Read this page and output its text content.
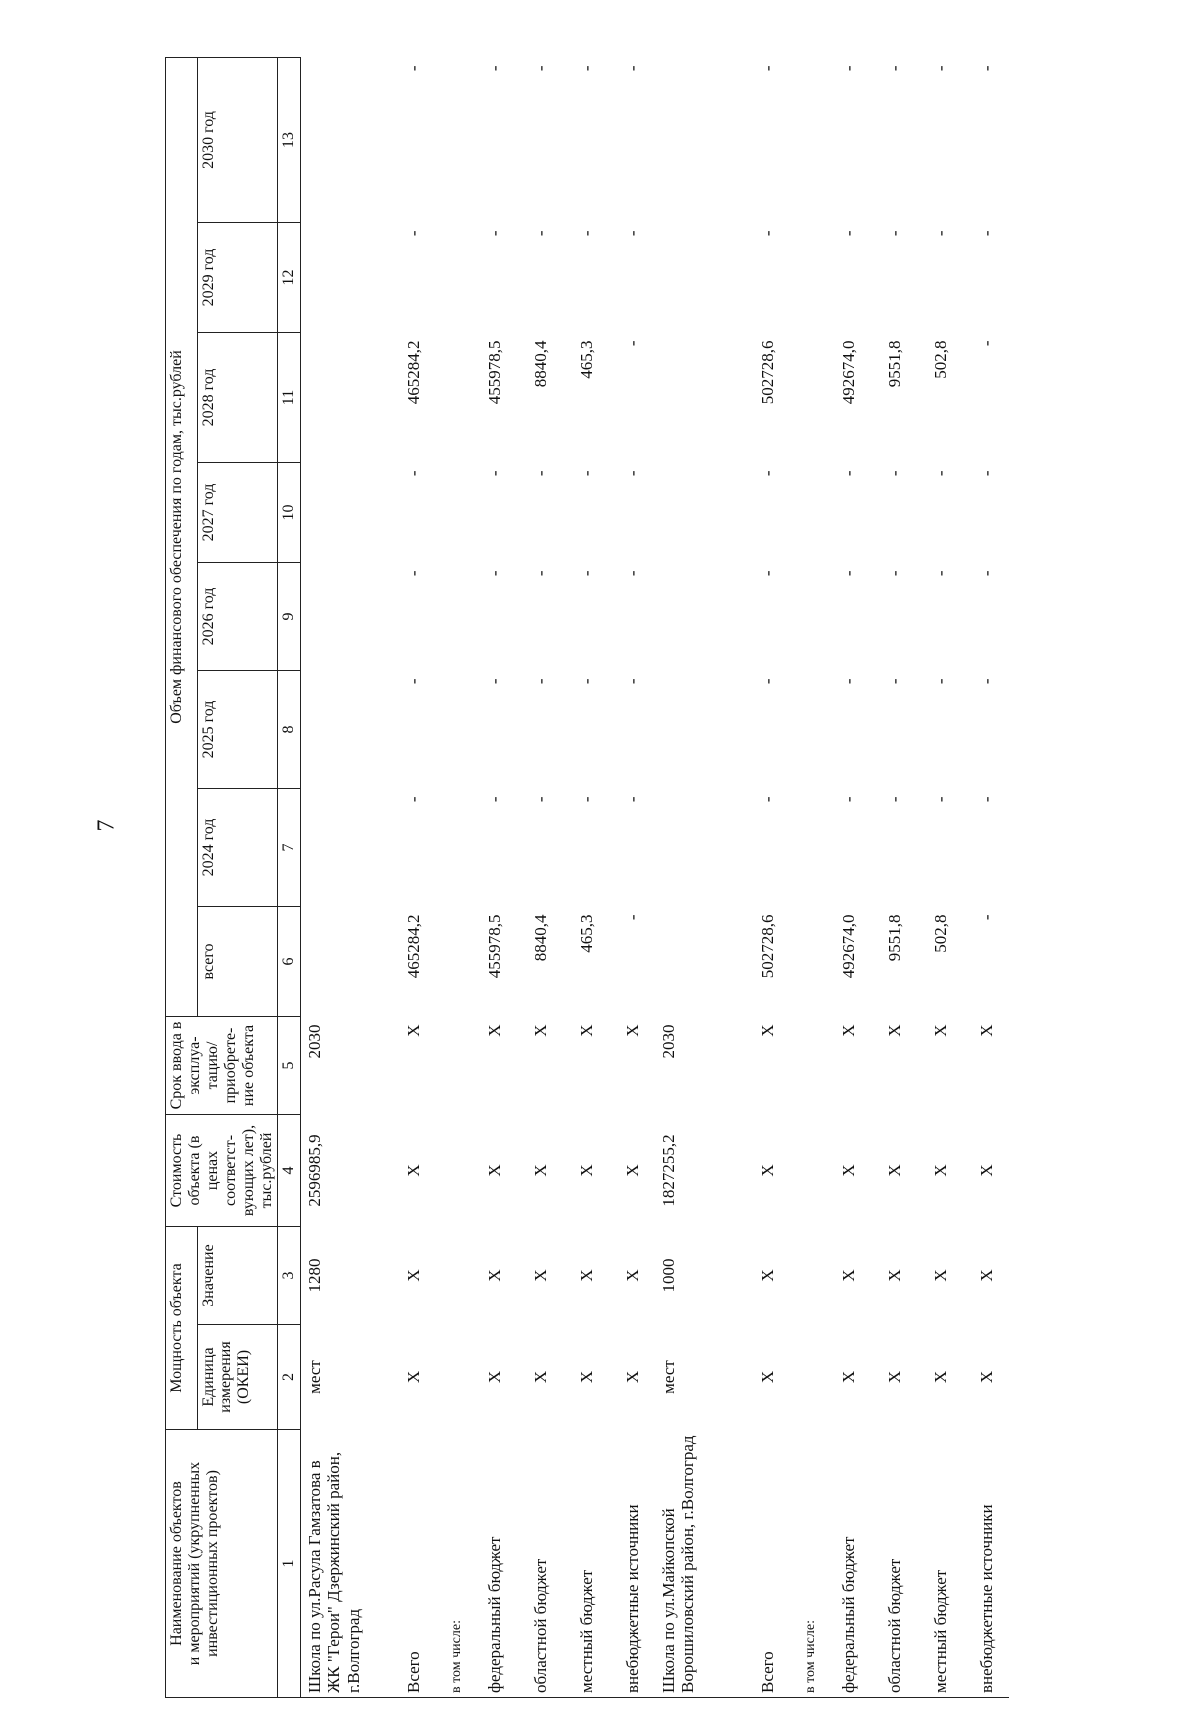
7
Наименование объектов и мероприятий (укрупненных инвестиционных проектов)	Мощность объекта		Стоимость объекта (в ценах соответст-вующих лет), тыс.рублей	Срок ввода в эксплуа-тацию/ приобрете-ние объекта	Объем финансового обеспечения по годам, тыс.рублей							
	Единица измерения (ОКЕИ)	Значение			всего	2024 год	2025 год	2026 год	2027 год	2028 год	2029 год	2030 год
1	2	3	4	5	6	7	8	9	10	11	12	13
Школа по ул.Расула Гамзатова в ЖК "Герои" Дзержинский район, г.Волгоград	мест	1280	2596985,9	2030								
Всего	Х	Х	Х	Х	465284,2	-	-	-	-	465284,2	-	-
в том числе:												
федеральный бюджет	Х	Х	Х	Х	455978,5	-	-	-	-	455978,5	-	-
областной бюджет	Х	Х	Х	Х	8840,4	-	-	-	-	8840,4	-	-
местный бюджет	Х	Х	Х	Х	465,3	-	-	-	-	465,3	-	-
внебюджетные источники	Х	Х	Х	Х	-	-	-	-	-	-	-	-
Школа по ул.Майкопской Ворошиловский район, г.Волгоград	мест	1000	1827255,2	2030								
Всего	Х	Х	Х	Х	502728,6	-	-	-	-	502728,6	-	-
в том числе:												
федеральный бюджет	Х	Х	Х	Х	492674,0	-	-	-	-	492674,0	-	-
областной бюджет	Х	Х	Х	Х	9551,8	-	-	-	-	9551,8	-	-
местный бюджет	Х	Х	Х	Х	502,8	-	-	-	-	502,8	-	-
внебюджетные источники	Х	Х	Х	Х	-	-	-	-	-	-	-	-
